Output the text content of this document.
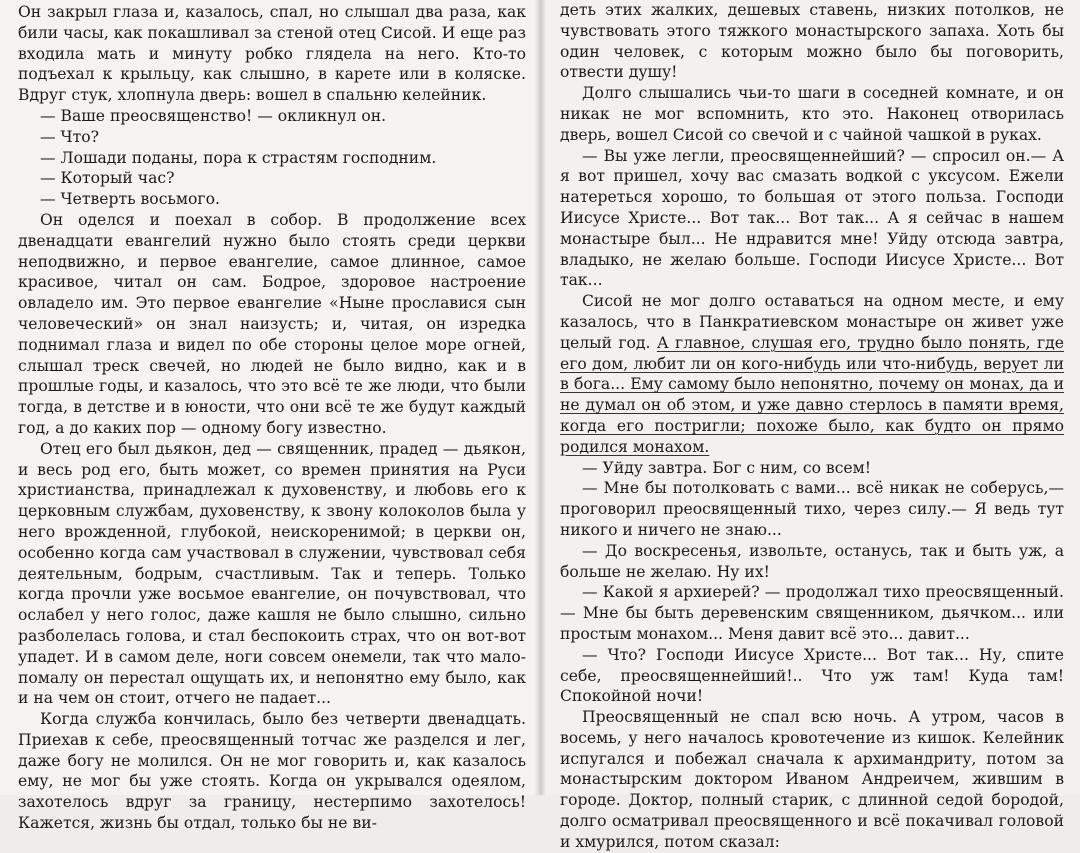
Он закрыл глаза и, казалось, спал, но слышал два раза, как били часы, как покашливал за стеной отец Сисой. И еще раз входила мать и минуту робко глядела на него. Кто-то подъехал к крыльцу, как слышно, в карете или в коляске. Вдруг стук, хлопнула дверь: вошел в спальню келейник.

— Ваше преосвященство! — окликнул он.

— Что?

— Лошади поданы, пора к страстям господним.

— Который час?

— Четверть восьмого.

Он оделся и поехал в собор. В продолжение всех двенадцати евангелий нужно было стоять среди церкви неподвижно, и первое евангелие, самое длинное, самое красивое, читал он сам. Бодрое, здоровое настроение овладело им. Это первое евангелие «Ныне прославися сын человеческий» он знал наизусть; и, читая, он изредка поднимал глаза и видел по обе стороны целое море огней, слышал треск свечей, но людей не было видно, как и в прошлые годы, и казалось, что это всё те же люди, что были тогда, в детстве и в юности, что они всё те же будут каждый год, а до каких пор — одному богу известно.

Отец его был дьякон, дед — священник, прадед — дьякон, и весь род его, быть может, со времен принятия на Руси христианства, принадлежал к духовенству, и любовь его к церковным службам, духовенству, к звону колоколов была у него врожденной, глубокой, неискоренимой; в церкви он, особенно когда сам участвовал в служении, чувствовал себя деятельным, бодрым, счастливым. Так и теперь. Только когда прочли уже восьмое евангелие, он почувствовал, что ослабел у него голос, даже кашля не было слышно, сильно разболелась голова, и стал беспокоить страх, что он вот-вот упадет. И в самом деле, ноги совсем онемели, так что мало-помалу он перестал ощущать их, и непонятно ему было, как и на чем он стоит, отчего не падает...

Когда служба кончилась, было без четверти двенадцать. Приехав к себе, преосвященный тотчас же разделся и лег, даже богу не молился. Он не мог говорить и, как казалось ему, не мог бы уже стоять. Когда он укрывался одеялом, захотелось вдруг за границу, нестерпимо захотелось! Кажется, жизнь бы отдал, только бы не ви-

деть этих жалких, дешевых ставень, низких потолков, не чувствовать этого тяжкого монастырского запаха. Хоть бы один человек, с которым можно было бы поговорить, отвести душу!

Долго слышались чьи-то шаги в соседней комнате, и он никак не мог вспомнить, кто это. Наконец отворилась дверь, вошел Сисой со свечой и с чайной чашкой в руках.

— Вы уже легли, преосвященнейший? — спросил он.— А я вот пришел, хочу вас смазать водкой с уксусом. Ежели натереться хорошо, то большая от этого польза. Господи Иисусе Христе... Вот так... Вот так... А я сейчас в нашем монастыре был... Не ндравится мне! Уйду отсюда завтра, владыко, не желаю больше. Господи Иисусе Христе... Вот так...

Сисой не мог долго оставаться на одном месте, и ему казалось, что в Панкратиевском монастыре он живет уже целый год. А главное, слушая его, трудно было понять, где его дом, любит ли он кого-нибудь или что-нибудь, верует ли в бога... Ему самому было непонятно, почему он монах, да и не думал он об этом, и уже давно стерлось в памяти время, когда его постригли; похоже было, как будто он прямо родился монахом.

— Уйду завтра. Бог с ним, со всем!

— Мне бы потолковать с вами... всё никак не соберусь,— проговорил преосвященный тихо, через силу.— Я ведь тут никого и ничего не знаю...

— До воскресенья, извольте, останусь, так и быть уж, а больше не желаю. Ну их!

— Какой я архиерей? — продолжал тихо преосвященный.— Мне бы быть деревенским священником, дьячком... или простым монахом... Меня давит всё это... давит...

— Что? Господи Иисусе Христе... Вот так... Ну, спите себе, преосвященнейший!.. Что уж там! Куда там! Спокойной ночи!

Преосвященный не спал всю ночь. А утром, часов в восемь, у него началось кровотечение из кишок. Келейник испугался и побежал сначала к архимандриту, потом за монастырским доктором Иваном Андреичем, жившим в городе. Доктор, полный старик, с длинной седой бородой, долго осматривал преосвященного и всё покачивал головой и хмурился, потом сказал:
